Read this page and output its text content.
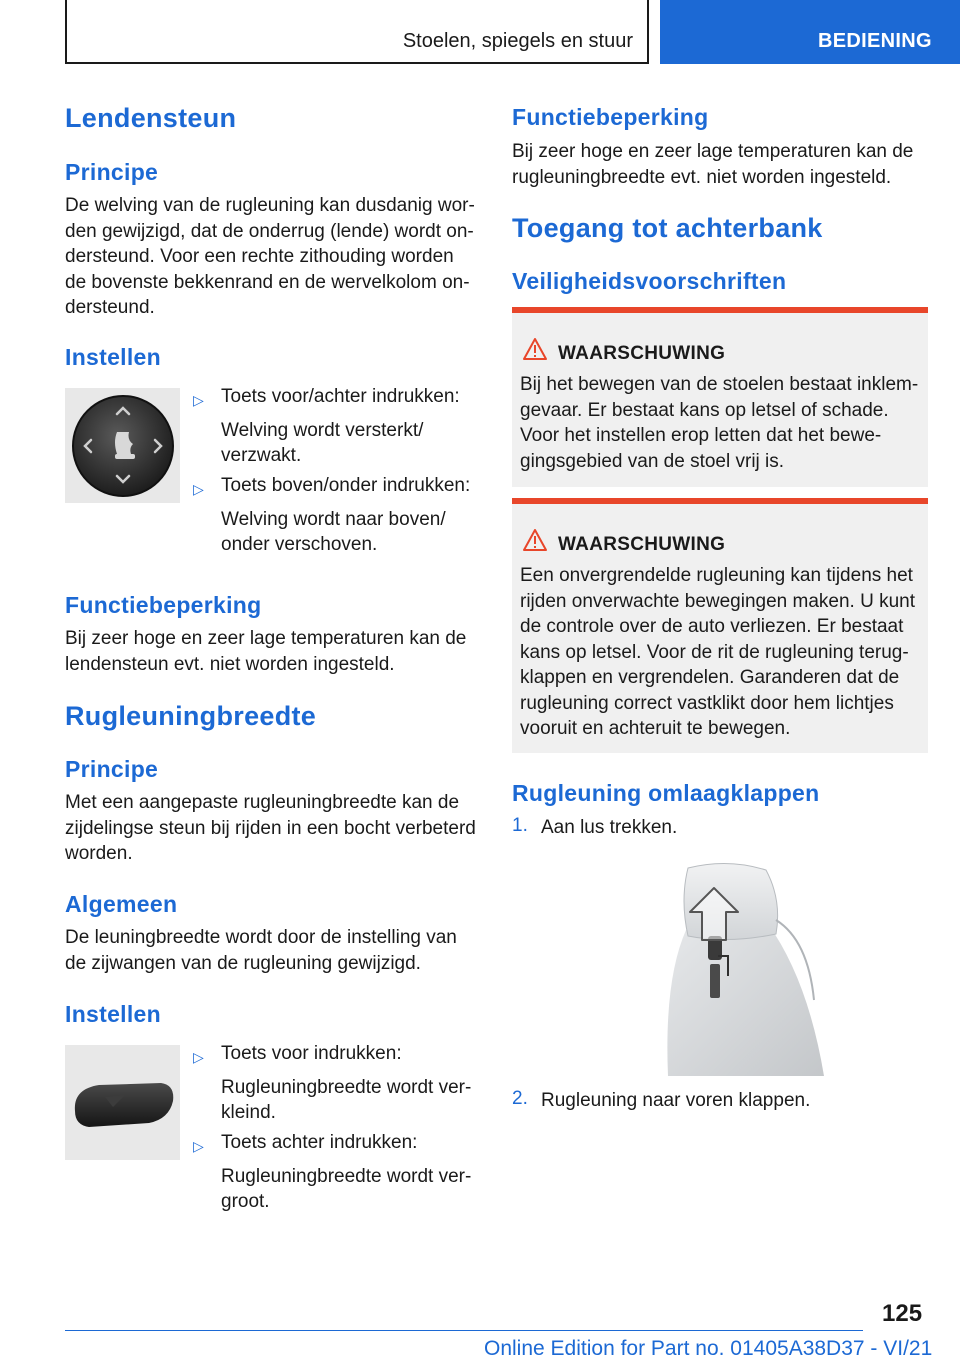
Stoelen, spiegels en stuur	BEDIENING
Lendensteun
Principe
De welving van de rugleuning kan dusdanig wor-
den gewijzigd, dat de onderrug (lende) wordt on-
dersteund. Voor een rechte zithouding worden
de bovenste bekkenrand en de wervelkolom on-
dersteund.
Instellen
▷ Toets voor/achter indrukken:
Welving wordt versterkt/
verzwakt.
▷ Toets boven/onder indrukken:
Welving wordt naar boven/
onder verschoven.
Functiebeperking
Bij zeer hoge en zeer lage temperaturen kan de
lendensteun evt. niet worden ingesteld.
Rugleuningbreedte
Principe
Met een aangepaste rugleuningbreedte kan de
zijdelingse steun bij rijden in een bocht verbeterd
worden.
Algemeen
De leuningbreedte wordt door de instelling van
de zijwangen van de rugleuning gewijzigd.
Instellen
▷ Toets voor indrukken:
Rugleuningbreedte wordt ver-
kleind.
▷ Toets achter indrukken:
Rugleuningbreedte wordt ver-
groot.
Functiebeperking
Bij zeer hoge en zeer lage temperaturen kan de
rugleuningbreedte evt. niet worden ingesteld.
Toegang tot achterbank
Veiligheidsvoorschriften
WAARSCHUWING
Bij het bewegen van de stoelen bestaat inklem-
gevaar. Er bestaat kans op letsel of schade.
Voor het instellen erop letten dat het bewe-
gingsgebied van de stoel vrij is.
WAARSCHUWING
Een onvergrendelde rugleuning kan tijdens het
rijden onverwachte bewegingen maken. U kunt
de controle over de auto verliezen. Er bestaat
kans op letsel. Voor de rit de rugleuning terug-
klappen en vergrendelen. Garanderen dat de
rugleuning correct vastklikt door hem lichtjes
vooruit en achteruit te bewegen.
Rugleuning omlaagklappen
1. Aan lus trekken.
2. Rugleuning naar voren klappen.
125
Online Edition for Part no. 01405A38D37 - VI/21
